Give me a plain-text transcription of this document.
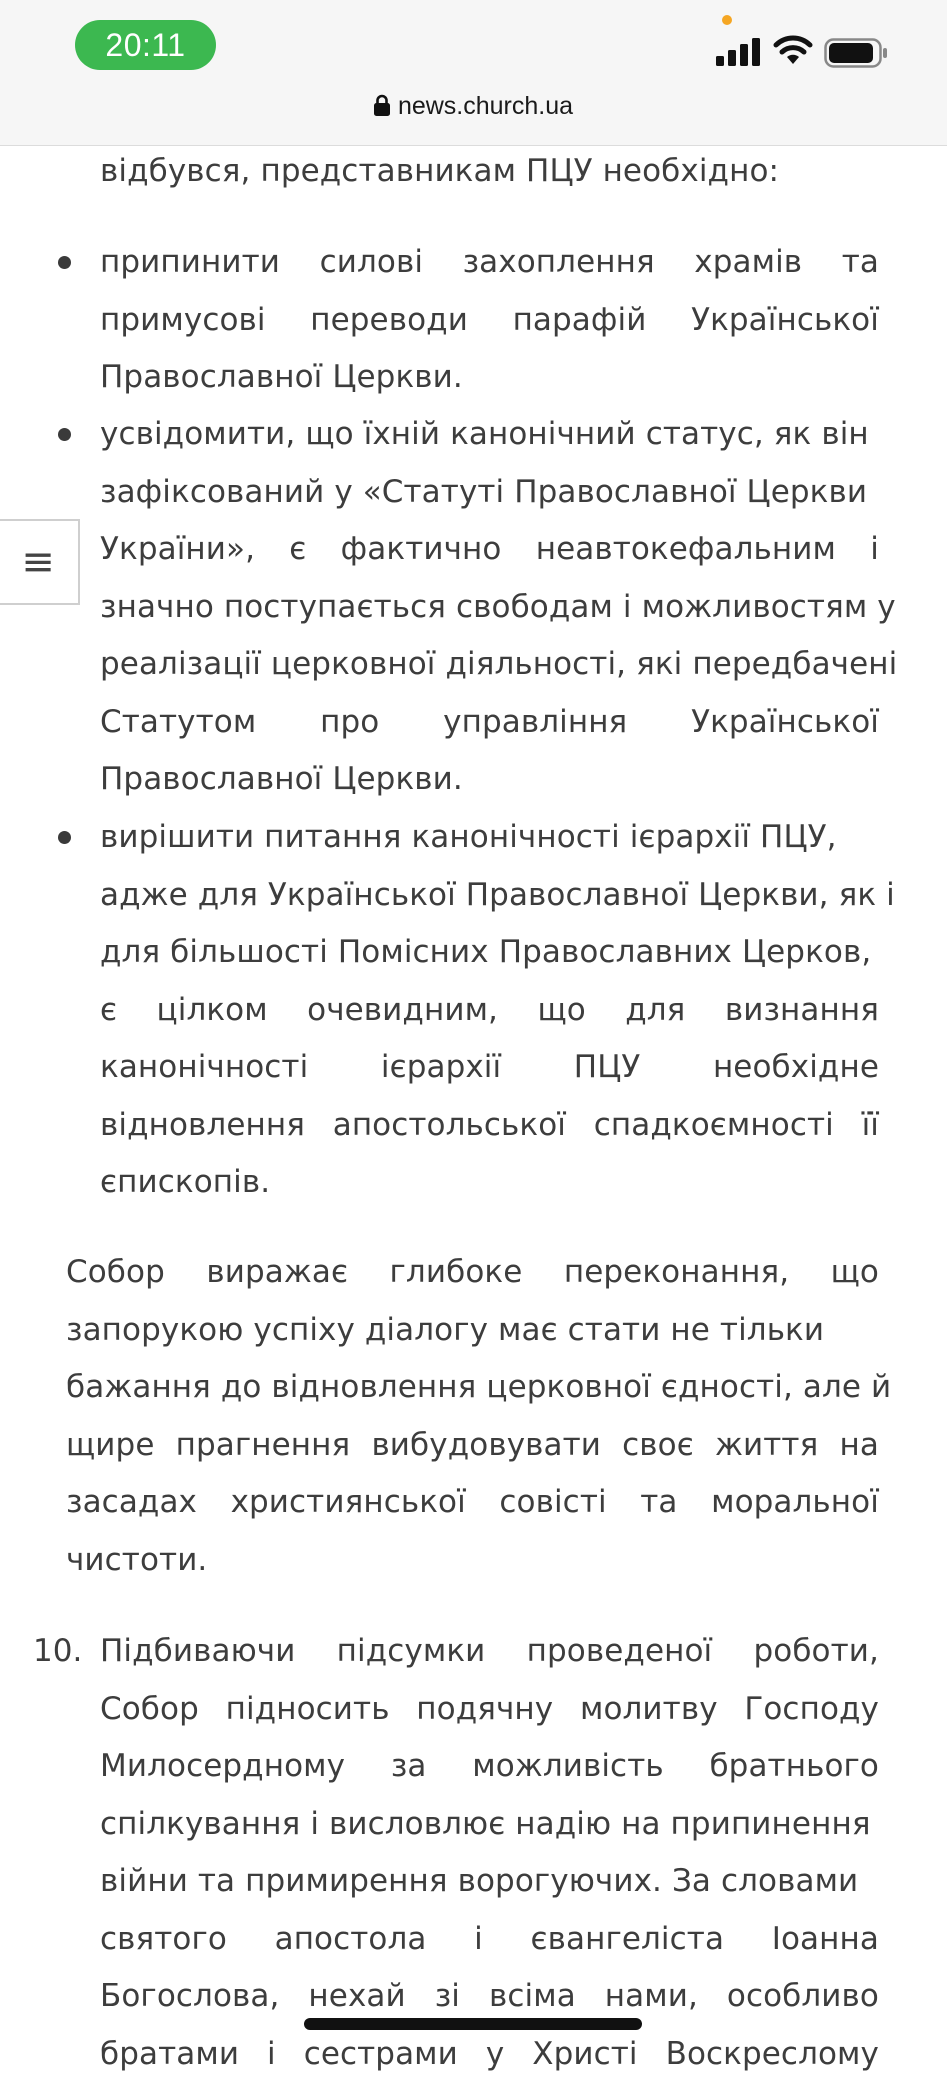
відбувся, представникам ПЦУ необхідно:
припинити силові захоплення храмів та
примусові переводи парафій Української
Православної Церкви.
усвідомити, що їхній канонічний статус, як він
зафіксований у «Статуті Православної Церкви
України», є фактично неавтокефальним і
значно поступається свободам і можливостям у
реалізації церковної діяльності, які передбачені
Статутом про управління Української
Православної Церкви.
вирішити питання канонічності ієрархії ПЦУ,
адже для Української Православної Церкви, як і
для більшості Помісних Православних Церков,
є цілком очевидним, що для визнання
канонічності ієрархії ПЦУ необхідне
відновлення апостольської спадкоємності її
єпископів.
Собор виражає глибоке переконання, що
запорукою успіху діалогу має стати не тільки
бажання до відновлення церковної єдності, але й
щире прагнення вибудовувати своє життя на
засадах християнської совісті та моральної
чистоти.
10. Підбиваючи підсумки проведеної роботи,
Собор підносить подячну молитву Господу
Милосердному за можливість братнього
спілкування і висловлює надію на припинення
війни та примирення ворогуючих. За словами
святого апостола і євангеліста Іоанна
Богослова, нехай зі всіма нами, особливо
братами і сестрами у Христі Воскреслому
≡
20:11
news.church.ua
